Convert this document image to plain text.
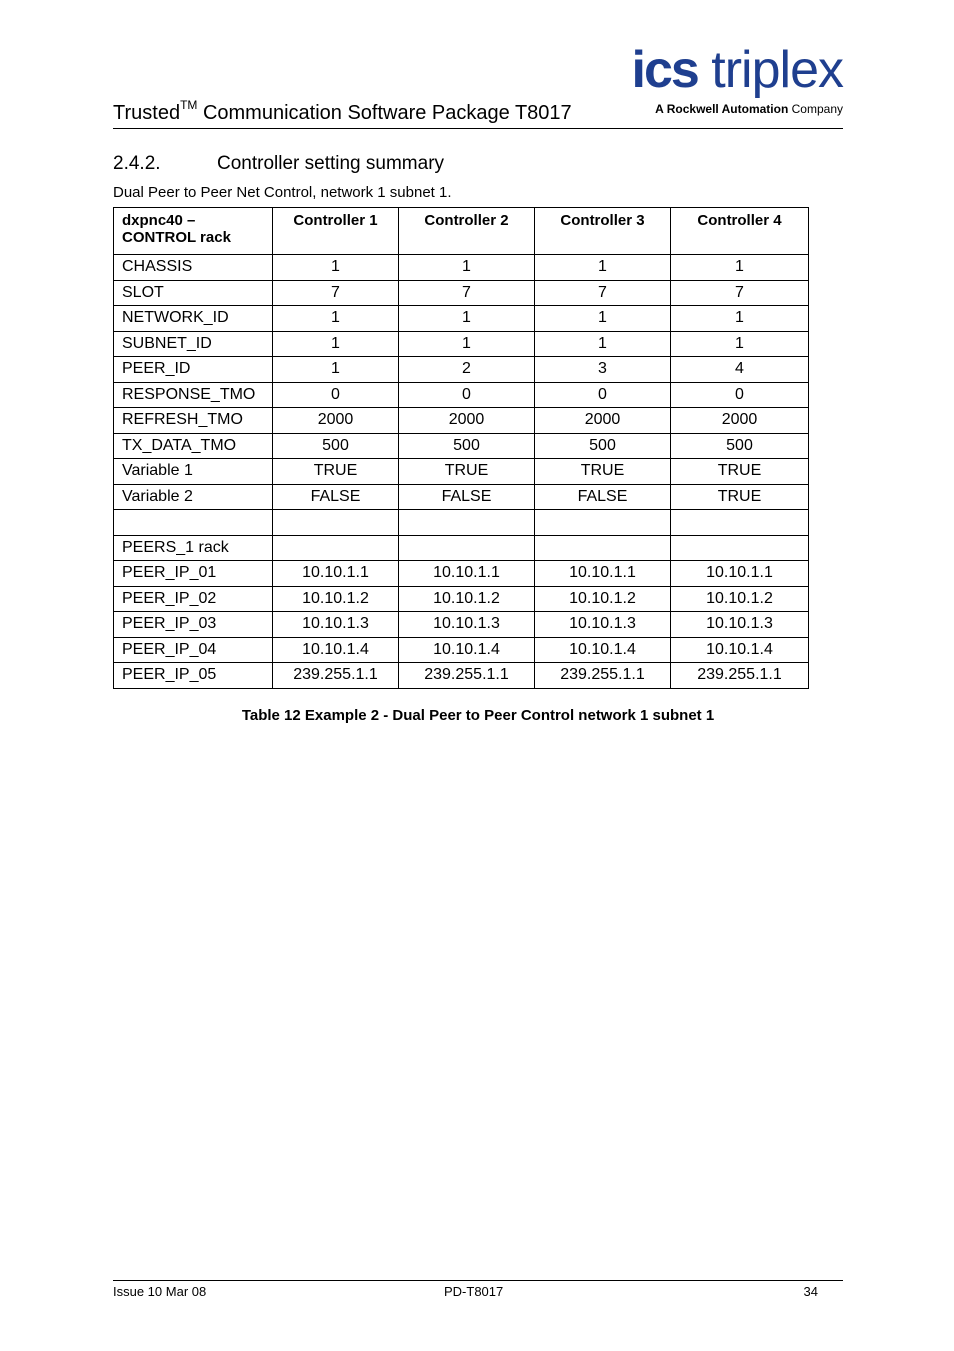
Trusted™ Communication Software Package T8017
ics triplex
A Rockwell Automation Company
2.4.2.	Controller setting summary
Dual Peer to Peer Net Control, network 1 subnet 1.
dxpnc40 –
CONTROL rack	Controller 1	Controller 2	Controller 3	Controller 4
CHASSIS	1	1	1	1
SLOT	7	7	7	7
NETWORK_ID	1	1	1	1
SUBNET_ID	1	1	1	1
PEER_ID	1	2	3	4
RESPONSE_TMO	0	0	0	0
REFRESH_TMO	2000	2000	2000	2000
TX_DATA_TMO	500	500	500	500
Variable 1	TRUE	TRUE	TRUE	TRUE
Variable 2	FALSE	FALSE	FALSE	TRUE

PEERS_1 rack				
PEER_IP_01	10.10.1.1	10.10.1.1	10.10.1.1	10.10.1.1
PEER_IP_02	10.10.1.2	10.10.1.2	10.10.1.2	10.10.1.2
PEER_IP_03	10.10.1.3	10.10.1.3	10.10.1.3	10.10.1.3
PEER_IP_04	10.10.1.4	10.10.1.4	10.10.1.4	10.10.1.4
PEER_IP_05	239.255.1.1	239.255.1.1	239.255.1.1	239.255.1.1
Table 12 Example 2 - Dual Peer to Peer Control network 1 subnet 1
Issue 10 Mar 08	PD-T8017	34
